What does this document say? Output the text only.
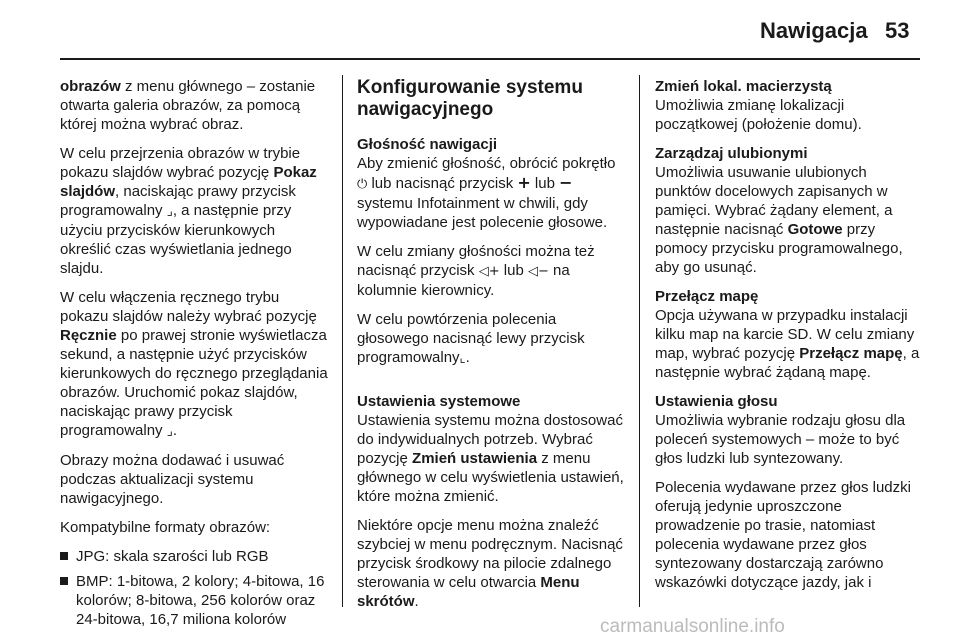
Nawigacja 53

obrazów z menu głównego – zostanie otwarta galeria obrazów, za pomocą której można wybrać obraz.

W celu przejrzenia obrazów w trybie pokazu slajdów wybrać pozycję Pokaz slajdów, naciskając prawy przycisk programowalny ⌟, a następnie przy użyciu przycisków kierunkowych określić czas wyświetlania jednego slajdu.

W celu włączenia ręcznego trybu pokazu slajdów należy wybrać pozycję Ręcznie po prawej stronie wyświetlacza sekund, a następnie użyć przycisków kierunkowych do ręcznego przeglądania obrazów. Uruchomić pokaz slajdów, naciskając prawy przycisk programowalny ⌟.

Obrazy można dodawać i usuwać podczas aktualizacji systemu nawigacyjnego.

Kompatybilne formaty obrazów:

JPG: skala szarości lub RGB
BMP: 1-bitowa, 2 kolory; 4-bitowa, 16 kolorów; 8-bitowa, 256 kolorów oraz 24-bitowa, 16,7 miliona kolorów
Konfigurowanie systemu nawigacyjnego
Głośność nawigacji

Aby zmienić głośność, obrócić pokrętło ⏻ lub nacisnąć przycisk + lub − systemu Infotainment w chwili, gdy wypowiadane jest polecenie głosowe.

W celu zmiany głośności można też nacisnąć przycisk ◁+ lub ◁− na kolumnie kierownicy.

W celu powtórzenia polecenia głosowego nacisnąć lewy przycisk programowalny⌞.

Ustawienia systemowe

Ustawienia systemu można dostosować do indywidualnych potrzeb. Wybrać pozycję Zmień ustawienia z menu głównego w celu wyświetlenia ustawień, które można zmienić.

Niektóre opcje menu można znaleźć szybciej w menu podręcznym. Nacisnąć przycisk środkowy na pilocie zdalnego sterowania w celu otwarcia Menu skrótów.

Zmień lokal. macierzystą

Umożliwia zmianę lokalizacji początkowej (położenie domu).

Zarządzaj ulubionymi

Umożliwia usuwanie ulubionych punktów docelowych zapisanych w pamięci. Wybrać żądany element, a następnie nacisnąć Gotowe przy pomocy przycisku programowalnego, aby go usunąć.

Przełącz mapę

Opcja używana w przypadku instalacji kilku map na karcie SD. W celu zmiany map, wybrać pozycję Przełącz mapę, a następnie wybrać żądaną mapę.

Ustawienia głosu

Umożliwia wybranie rodzaju głosu dla poleceń systemowych – może to być głos ludzki lub syntezowany.

Polecenia wydawane przez głos ludzki oferują jedynie uproszczone prowadzenie po trasie, natomiast polecenia wydawane przez głos syntezowany dostarczają zarówno wskazówki dotyczące jazdy, jak i

carmanualsonline.info
